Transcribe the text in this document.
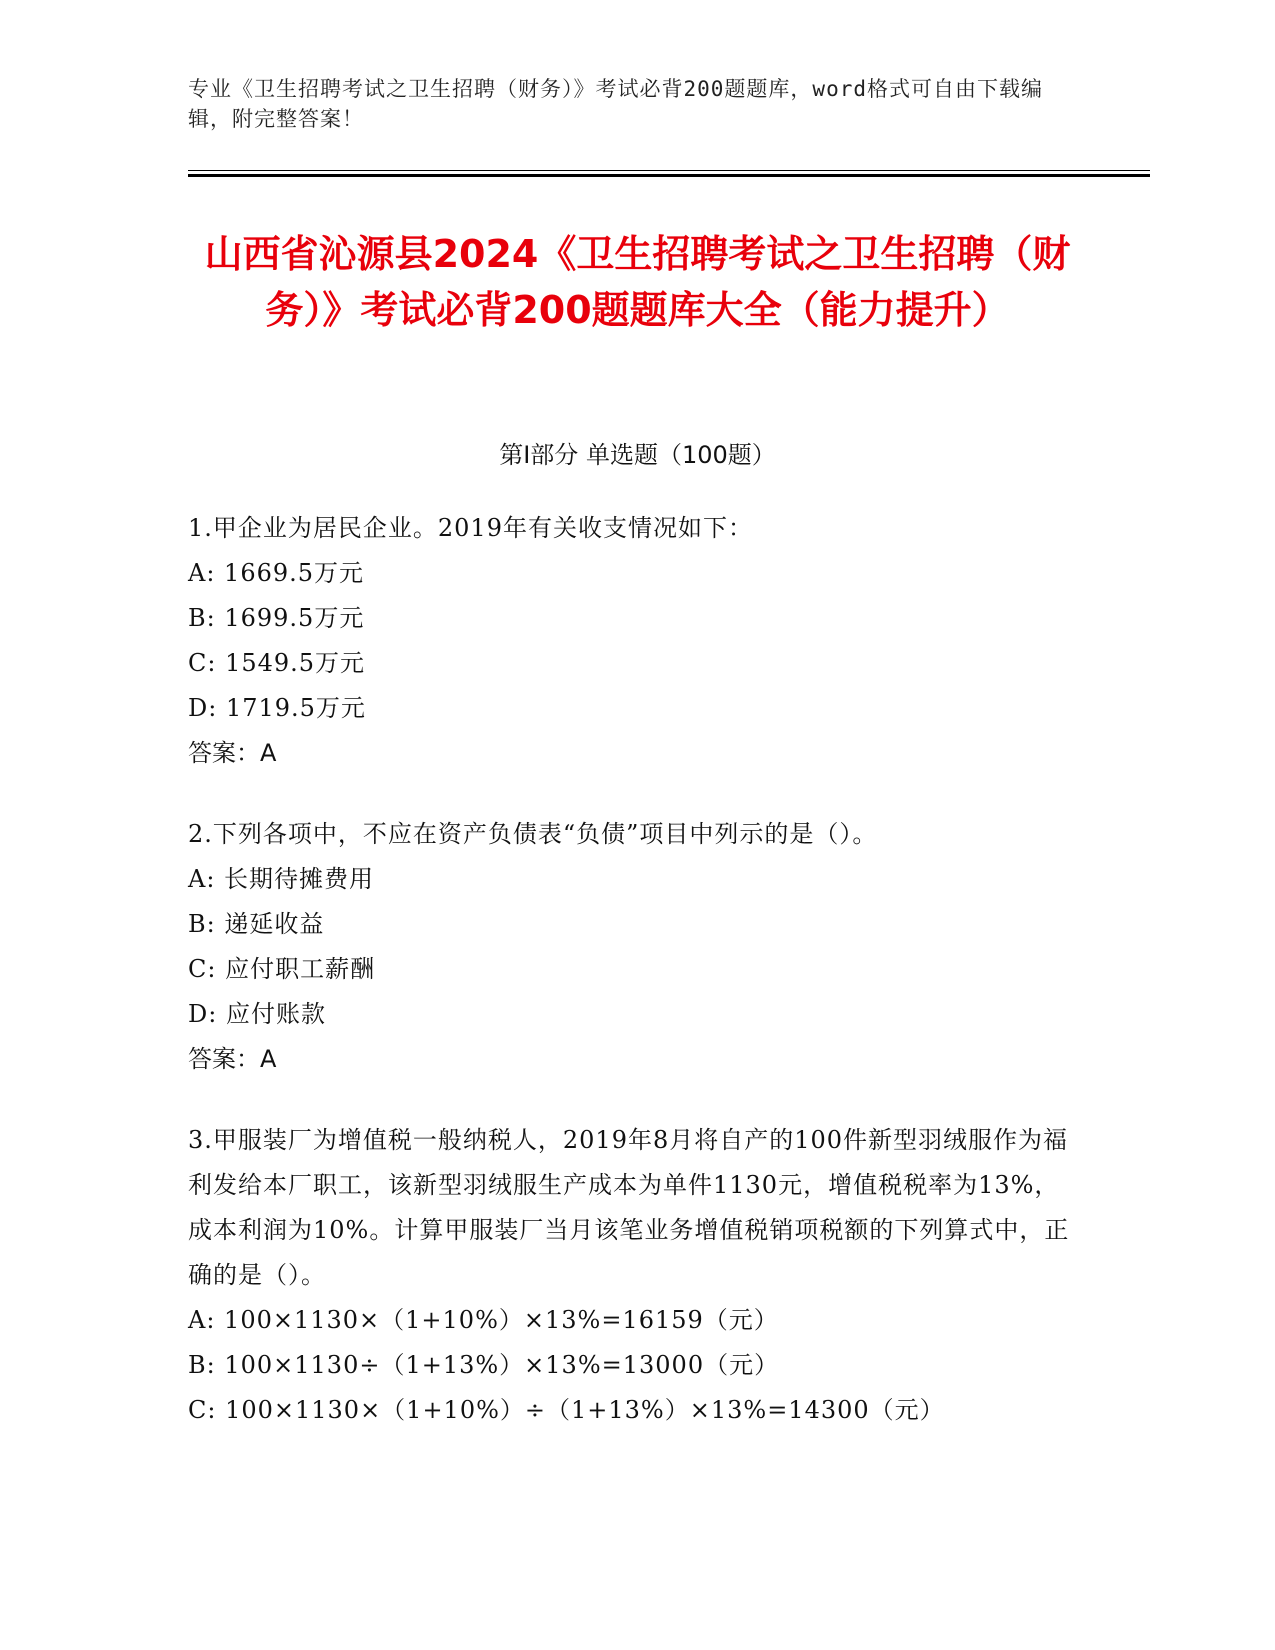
专业《卫生招聘考试之卫生招聘（财务）》考试必背200题题库，word格式可自由下载编辑，附完整答案！
山西省沁源县2024《卫生招聘考试之卫生招聘（财务）》考试必背200题题库大全（能力提升）
第I部分 单选题（100题）

1.甲企业为居民企业。2019年有关收支情况如下：

A: 1669.5万元

B: 1699.5万元

C: 1549.5万元

D: 1719.5万元

答案：A

2.下列各项中，不应在资产负债表“负债”项目中列示的是（）。

A: 长期待摊费用

B: 递延收益

C: 应付职工薪酬

D: 应付账款

答案：A

3.甲服装厂为增值税一般纳税人，2019年8月将自产的100件新型羽绒服作为福利发给本厂职工，该新型羽绒服生产成本为单件1130元，增值税税率为13%，成本利润为10%。计算甲服装厂当月该笔业务增值税销项税额的下列算式中，正确的是（）。

A: 100×1130×（1+10%）×13%=16159（元）

B: 100×1130÷（1+13%）×13%=13000（元）

C: 100×1130×（1+10%）÷（1+13%）×13%=14300（元）
